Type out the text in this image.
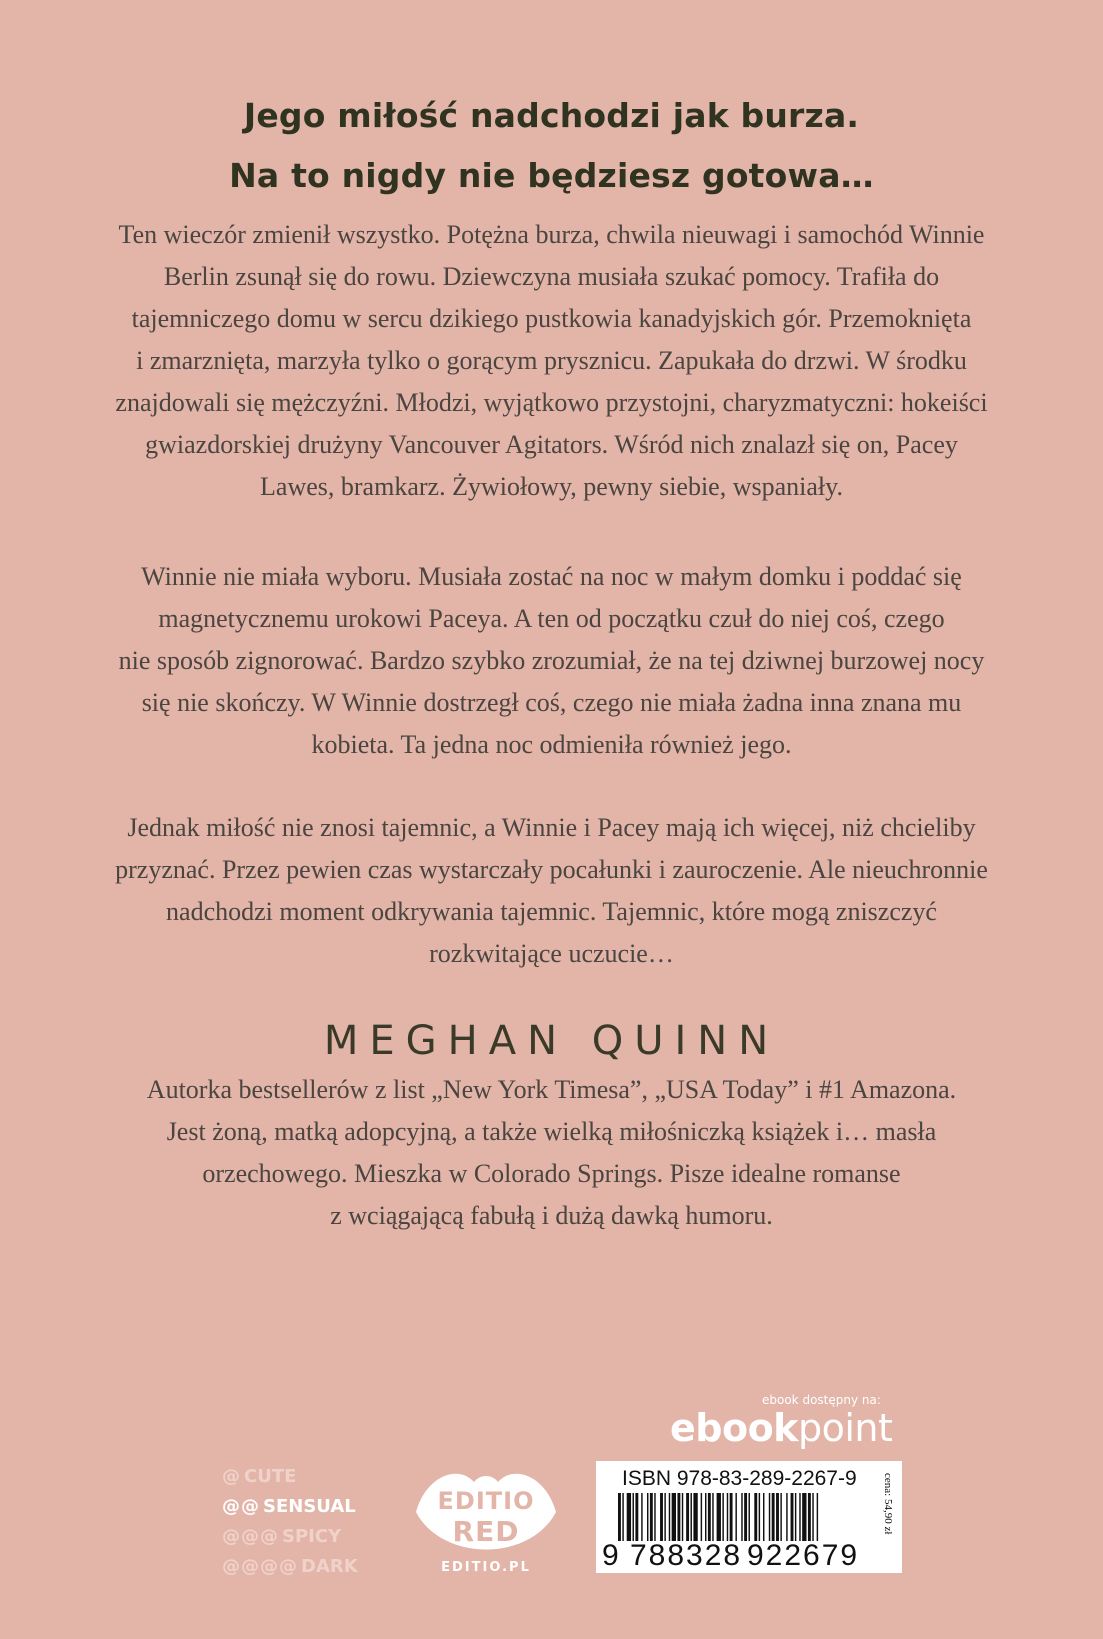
Jego miłość nadchodzi jak burza.
Na to nigdy nie będziesz gotowa…
Ten wieczór zmienił wszystko. Potężna burza, chwila nieuwagi i samochód Winnie
Berlin zsunął się do rowu. Dziewczyna musiała szukać pomocy. Trafiła do
tajemniczego domu w sercu dzikiego pustkowia kanadyjskich gór. Przemoknięta
i zmarznięta, marzyła tylko o gorącym prysznicu. Zapukała do drzwi. W środku
znajdowali się mężczyźni. Młodzi, wyjątkowo przystojni, charyzmatyczni: hokeiści
gwiazdorskiej drużyny Vancouver Agitators. Wśród nich znalazł się on, Pacey
Lawes, bramkarz. Żywiołowy, pewny siebie, wspaniały.
Winnie nie miała wyboru. Musiała zostać na noc w małym domku i poddać się
magnetycznemu urokowi Paceya. A ten od początku czuł do niej coś, czego
nie sposób zignorować. Bardzo szybko zrozumiał, że na tej dziwnej burzowej nocy
się nie skończy. W Winnie dostrzegł coś, czego nie miała żadna inna znana mu
kobieta. Ta jedna noc odmieniła również jego.
Jednak miłość nie znosi tajemnic, a Winnie i Pacey mają ich więcej, niż chcieliby
przyznać. Przez pewien czas wystarczały pocałunki i zauroczenie. Ale nieuchronnie
nadchodzi moment odkrywania tajemnic. Tajemnic, które mogą zniszczyć
rozkwitające uczucie…
MEGHAN QUINN
Autorka bestsellerów z list „New York Timesa”, „USA Today” i #1 Amazona.
Jest żoną, matką adopcyjną, a także wielką miłośniczką książek i… masła
orzechowego. Mieszka w Colorado Springs. Pisze idealne romanse
z wciągającą fabułą i dużą dawką humoru.
ebook dostępny na:
ebookpoint
@ CUTE
@@ SENSUAL
@@@ SPICY
@@@@ DARK
EDITIO
RED
EDITIO.PL
ISBN 978-83-289-2267-9	cena: 54,90 zł
9 788328 922679
